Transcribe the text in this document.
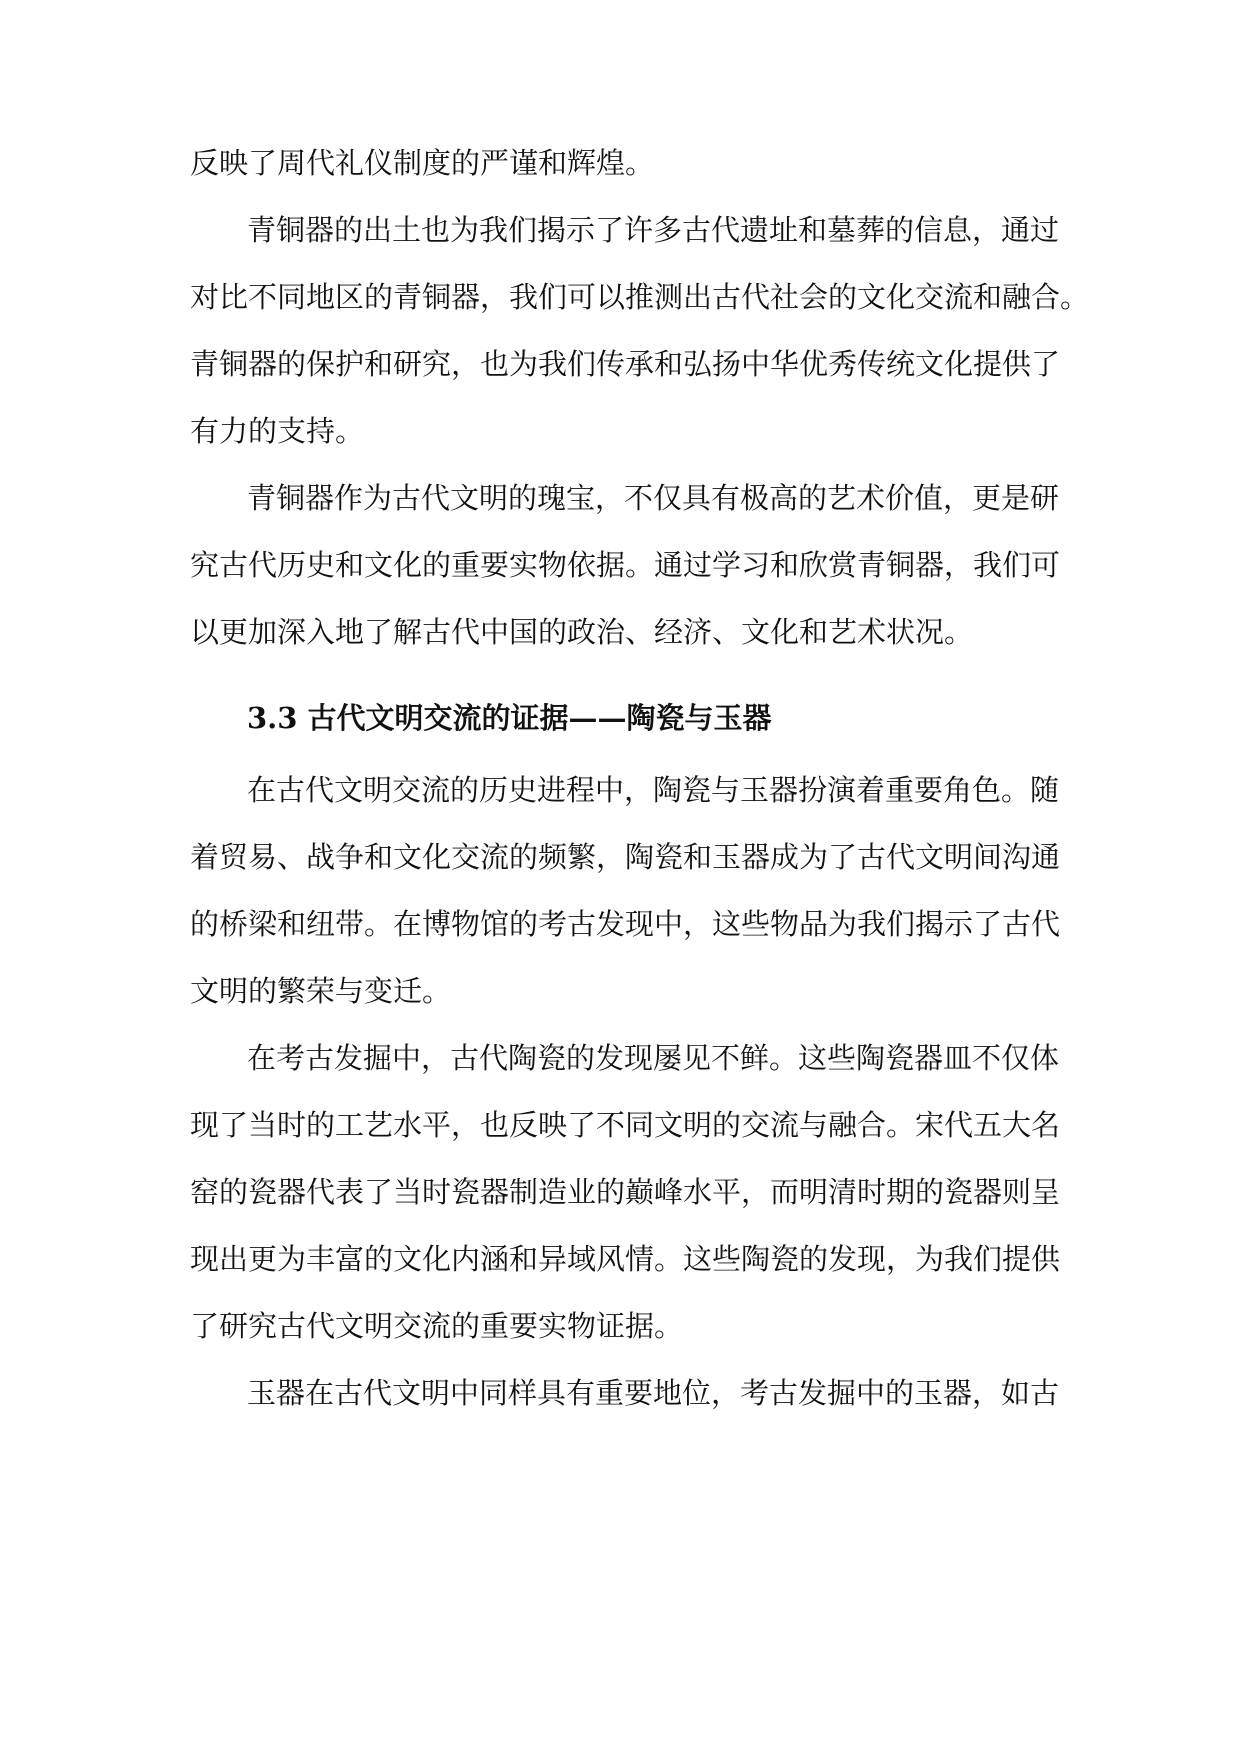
反映了周代礼仪制度的严谨和辉煌。
青铜器的出土也为我们揭示了许多古代遗址和墓葬的信息，通过
对比不同地区的青铜器，我们可以推测出古代社会的文化交流和融合。
青铜器的保护和研究，也为我们传承和弘扬中华优秀传统文化提供了
有力的支持。
青铜器作为古代文明的瑰宝，不仅具有极高的艺术价值，更是研
究古代历史和文化的重要实物依据。通过学习和欣赏青铜器，我们可
以更加深入地了解古代中国的政治、经济、文化和艺术状况。
3.3 古代文明交流的证据——陶瓷与玉器
在古代文明交流的历史进程中，陶瓷与玉器扮演着重要角色。随
着贸易、战争和文化交流的频繁，陶瓷和玉器成为了古代文明间沟通
的桥梁和纽带。在博物馆的考古发现中，这些物品为我们揭示了古代
文明的繁荣与变迁。
在考古发掘中，古代陶瓷的发现屡见不鲜。这些陶瓷器皿不仅体
现了当时的工艺水平，也反映了不同文明的交流与融合。宋代五大名
窑的瓷器代表了当时瓷器制造业的巅峰水平，而明清时期的瓷器则呈
现出更为丰富的文化内涵和异域风情。这些陶瓷的发现，为我们提供
了研究古代文明交流的重要实物证据。
玉器在古代文明中同样具有重要地位，考古发掘中的玉器，如古
